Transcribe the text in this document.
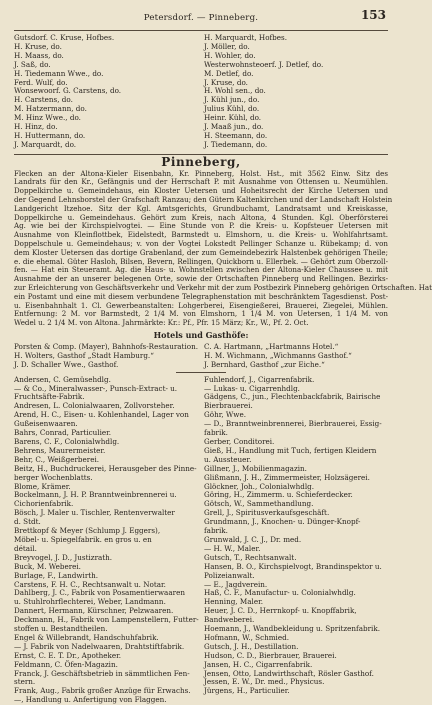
Petersdorf. — Pinneberg.	153
Gutsdorf. C. Kruse, Hofbes.
H. Kruse, do.
H. Maass, do.
J. Saß, do.
H. Tiedemann Wwe., do.
Ferd. Wulf, do.
Wonsewoorf. G. Carstens, do.
H. Carstens, do.
M. Hatzermann, do.
M. Hinz Wwe., do.
H. Hinz, do.
H. Huttermann, do.
J. Marquardt, do.
H. Marquardt, Hofbes.
J. Möller, do.
H. Wohler, do.
Westerwohnsteoerf. J. Detlef, do.
M. Detlef, do.
J. Kruse, do.
H. Wohl sen., do.
J. Kühl jun., do.
Julius Kühl, do.
Heinr. Kühl, do.
J. Maaß jun., do.
H. Steemann, do.
J. Tiedemann, do.
Pinneberg,
Flecken an der Altona-Kieler Eisenbahn, Kr. Pinneberg, Holst. Hst., mit 3562 Einw. Sitz des
Landrats für den Kr., Gefängnis und der Herrschaft P. mit Ausnahme von Ottensen u. Neumühlen.
Doppelkirche u. Gemeindehaus, ein Kloster Uetersen und Hoheitsrecht der Kirche Uetersen und
der Gegend Lehnsborstel der Grafschaft Ranzau; den Gütern Kaltenkirchen und der Landschaft Holstein
Landgericht Itzehoe. Sitz der Kgl. Amtsgerichts, Grundbuchamt, Landratsamt und Kreiskasse,
Doppelkirche u. Gemeindehaus. Gehört zum Kreis, nach Altona, 4 Stunden. Kgl. Oberförsterei
Ag. wie bei der Kirchspielvogtei. — Eine Stunde von P. die Kreis- u. Kopfsteuer Uetersen mit
Ausnahme von Kleinflottbek, Eidelstedt, Barmstedt u. Elmshorn, u. die Kreis- u. Wohlfahrtsamt.
Doppelschule u. Gemeindehaus; v. von der Vogtei Lokstedt Pellinger Schanze u. Rübekamp; d. von
dem Kloster Uetersen das dortige Grabenland, der zum Gemeindebezirk Halstenbek gehörigen Theile;
e. die ehemal. Güter Hasloh, Bilsen, Bevern, Rellingen, Quickborn u. Ellerbek. — Gehört zum Oberzoll-
fen. — Hat ein Steueramt. Ag. die Haus- u. Wohnstellen zwischen der Altona-Kieler Chaussee u. mit
Ausnahme der an unserer belegenen Orte, sowie der Ortschaften Pinneberg und Rellingen. Bezirks-
zur Erleichterung von Geschäftsverkehr und Verkehr mit der zum Postbezirk Pinneberg gehörigen Ortschaften. Hat
ein Postamt und eine mit diesem verbundene Telegraphenstation mit beschränktem Tagesdienst. Post-
u. Eisenbahnhalt 1. Cl. Gewerbeanstalten: Lohgerberei, Eisengießerei, Brauerei, Ziegelei, Mühlen.
Entfernung: 2 M. vor Barmstedt, 2 1/4 M. von Elmshorn, 1 1/4 M. von Uetersen, 1 1/4 M. von
Wedel u. 2 1/4 M. von Altona. Jahrmärkte: Kr.: Pf., Pfr. 15 März; Kr., W., Pf. 2. Oct.
Hotels und Gasthöfe:
Porsten & Comp. (Mayer), Bahnhofs-Restauration.
H. Wolters, Gasthof „Stadt Hamburg.“
J. D. Schaller Wwe., Gasthof.
C. A. Hartmann, „Hartmanns Hotel.“
H. M. Wichmann, „Wichmanns Gasthof.“
J. Bernhard, Gasthof „zur Eiche.“
Andersen, C. Gemüsehdlg.
— & Co., Mineralwasser-, Punsch-Extract- u.
Fruchtsäfte-Fabrik.
Andresen, L. Colonialwaaren, Zollvorsteher.
Arend, H. C., Eisen- u. Kohlenhandel, Lager von
Gußeisenwaaren.
Bahrs, Conrad, Particulier.
Barens, C. F., Colonialwhdlg.
Behrens, Maurermeister.
Behr, C., Weißgerberei.
Beitz, H., Buchdruckerei, Herausgeber des Pinne-
berger Wochenblatts.
Blome, Krämer.
Bockelmann, J. H. P. Branntweinbrennerei u.
Cichorienfabrik.
Bösch, J. Maler u. Tischler, Rentenverwalter
d. Stdt.
Brettkopf & Meyer (Schlump J. Eggers),
Möbel- u. Spiegelfabrik. en gros u. en
détail.
Breyvogel, J. D., Justizrath.
Buck, M. Weberei.
Burlage, F., Landwirth.
Carstens, F. H. C., Rechtsanwalt u. Notar.
Dahlberg, J. C., Fabrik von Posamentierwaaren
u. Stuhlrohrflechterei, Weber, Landmann.
Dannert, Hermann, Kürschner, Pelzwaaren.
Deckmann, H., Fabrik von Lampenstellern, Futter-
stoffen u. Bestandtheilen.
Engel & Willebrandt, Handschuhfabrik.
— J. Fabrik von Nadelwaaren, Drahtstiftfabrik.
Ernst, C. E. T. Dr., Apotheker.
Feldmann, C. Öfen-Magazin.
Franck, J. Geschäftsbetrieb in sämmtlichen Fen-
stern.
Frank, Aug., Fabrik großer Anzüge für Erwachs.
—, Handlung u. Anfertigung von Flaggen.
Fuhlendorf, J., Cigarrenfabrik.
— Lukas- u. Cigarrenhdlg.
Gädgens, C., jun., Flechtenbackfabrik, Bairische
Bierbrauerei.
Göhr, Wwe.
— D., Branntweinbrennerei, Bierbrauerei, Essig-
fabrik.
Gerber, Conditorei.
Gieß, H., Handlung mit Tuch, fertigen Kleidern
u. Aussteuer.
Gillner, J., Mobilienmagazin.
Glißmann, J. H., Zimmermeister, Holzsägerei.
Glöckner, Joh., Colonialwhdlg.
Göring, H., Zimmerm. u. Schieferdecker.
Götsch, W., Sammethandlung.
Grell, J., Spiritusverkaufsgeschäft.
Grundmann, J., Knochen- u. Dünger-Knopf-
fabrik.
Grunwald, J. C. J., Dr. med.
— H. W., Maler.
Gutsch, T., Rechtsanwalt.
Hansen, B. O., Kirchspielvogt, Brandinspektor u.
Polizeianwalt.
— E., Jagdverein.
Haß, C. F., Manufactur- u. Colonialwhdlg.
Henning, Maler.
Heuer, J. C. D., Herrnkopf- u. Knopffabrik,
Bandweberei.
Hoemann, J., Wandbekleidung u. Spritzenfabrik.
Hofmann, W., Schmied.
Gutsch, J. H., Destillation.
Hudson, C. D., Bierbrauer, Brauerei.
Jansen, H. C., Cigarrenfabrik.
Jensen, Otto, Landwirthschaft, Rösler Gasthof.
Jessen, E. W., Dr. med., Physicus.
Jürgens, H., Particulier.
